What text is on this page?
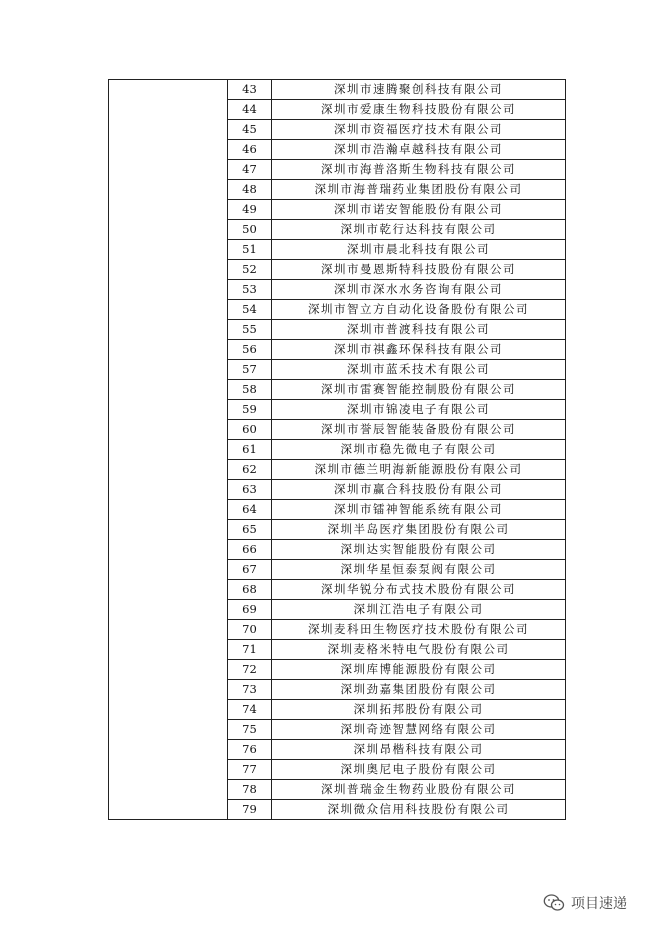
	43	深圳市速腾聚创科技有限公司
	44	深圳市爱康生物科技股份有限公司
	45	深圳市资福医疗技术有限公司
	46	深圳市浩瀚卓越科技有限公司
	47	深圳市海普洛斯生物科技有限公司
	48	深圳市海普瑞药业集团股份有限公司
	49	深圳市诺安智能股份有限公司
	50	深圳市乾行达科技有限公司
	51	深圳市晨北科技有限公司
	52	深圳市曼恩斯特科技股份有限公司
	53	深圳市深水水务咨询有限公司
	54	深圳市智立方自动化设备股份有限公司
	55	深圳市普渡科技有限公司
	56	深圳市祺鑫环保科技有限公司
	57	深圳市蓝禾技术有限公司
	58	深圳市雷赛智能控制股份有限公司
	59	深圳市锦凌电子有限公司
	60	深圳市誉辰智能装备股份有限公司
	61	深圳市稳先微电子有限公司
	62	深圳市德兰明海新能源股份有限公司
	63	深圳市赢合科技股份有限公司
	64	深圳市镭神智能系统有限公司
	65	深圳半岛医疗集团股份有限公司
	66	深圳达实智能股份有限公司
	67	深圳华星恒泰泵阀有限公司
	68	深圳华锐分布式技术股份有限公司
	69	深圳江浩电子有限公司
	70	深圳麦科田生物医疗技术股份有限公司
	71	深圳麦格米特电气股份有限公司
	72	深圳库博能源股份有限公司
	73	深圳劲嘉集团股份有限公司
	74	深圳拓邦股份有限公司
	75	深圳奇迹智慧网络有限公司
	76	深圳昂楷科技有限公司
	77	深圳奥尼电子股份有限公司
	78	深圳普瑞金生物药业股份有限公司
	79	深圳微众信用科技股份有限公司
项目速递
